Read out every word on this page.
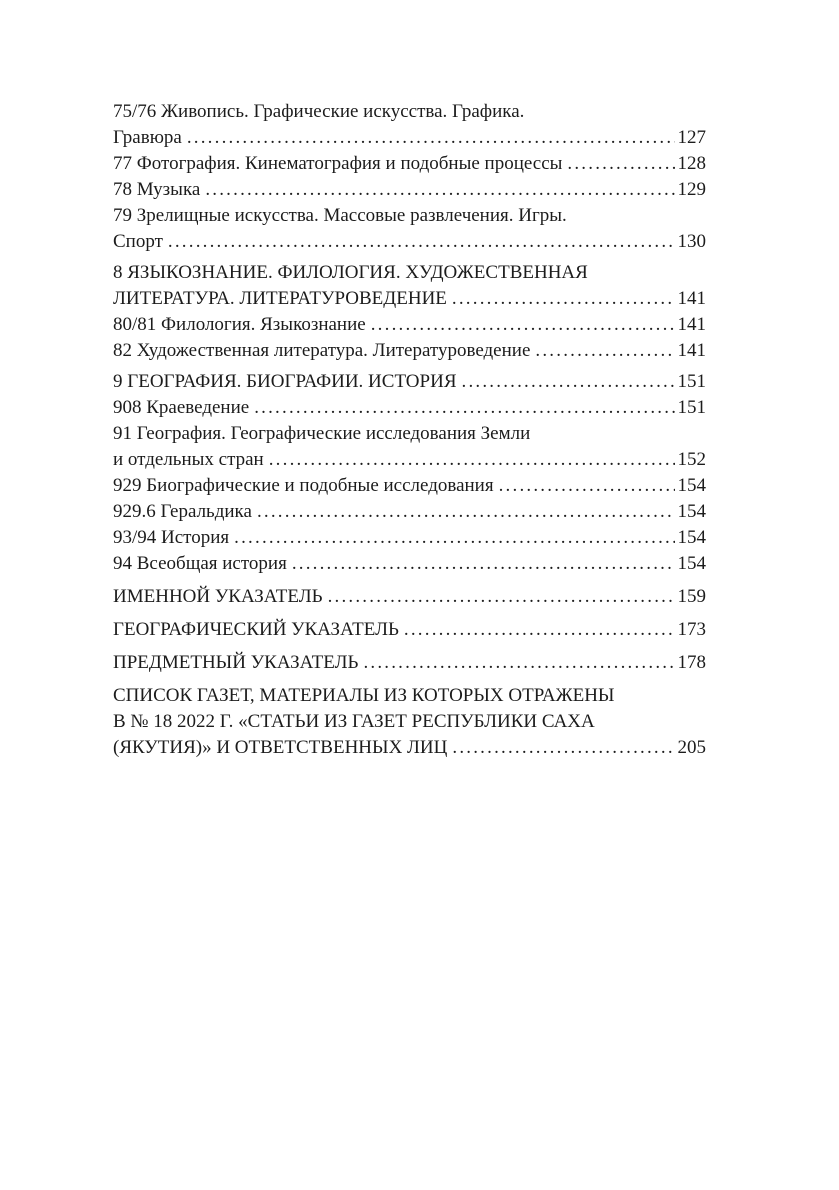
75/76 Живопись. Графические искусства. Графика.
Гравюра .....	127
77 Фотография. Кинематография и подобные процессы .....	128
78 Музыка .....	129
79 Зрелищные искусства. Массовые развлечения. Игры.
Спорт .....	130
8 ЯЗЫКОЗНАНИЕ. ФИЛОЛОГИЯ. ХУДОЖЕСТВЕННАЯ
ЛИТЕРАТУРА. ЛИТЕРАТУРОВЕДЕНИЕ .....	141
80/81 Филология. Языкознание .....	141
82 Художественная литература. Литературоведение .....	141
9 ГЕОГРАФИЯ. БИОГРАФИИ. ИСТОРИЯ .....	151
908 Краеведение .....	151
91 География. Географические исследования Земли
и отдельных стран .....	152
929 Биографические и подобные исследования .....	154
929.6 Геральдика .....	154
93/94 История .....	154
94 Всеобщая история .....	154
ИМЕННОЙ УКАЗАТЕЛЬ .....	159
ГЕОГРАФИЧЕСКИЙ УКАЗАТЕЛЬ .....	173
ПРЕДМЕТНЫЙ УКАЗАТЕЛЬ .....	178
СПИСОК ГАЗЕТ, МАТЕРИАЛЫ ИЗ КОТОРЫХ ОТРАЖЕНЫ
В № 18 2022 Г. «СТАТЬИ ИЗ ГАЗЕТ РЕСПУБЛИКИ САХА
(ЯКУТИЯ)» И ОТВЕТСТВЕННЫХ ЛИЦ .....	205
